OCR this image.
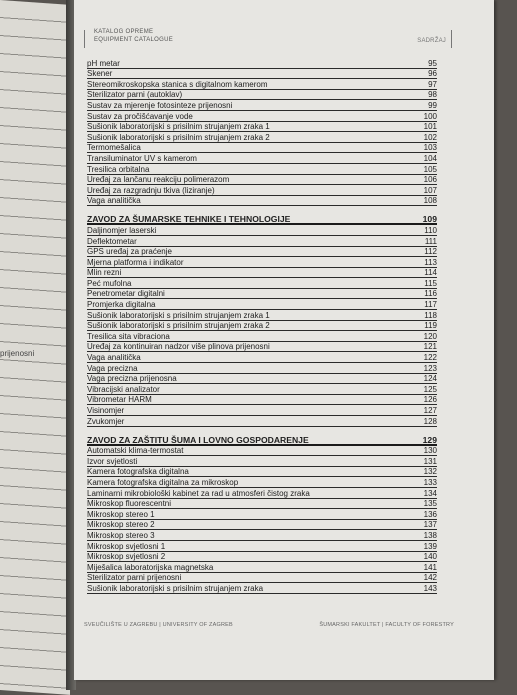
prijenosni
KATALOG OPREME
EQUIPMENT CATALOGUE	SADRŽAJ
pH metar	95
Skener	96
Stereomikroskopska stanica s digitalnom kamerom	97
Sterilizator parni (autoklav)	98
Sustav za mjerenje fotosinteze prijenosni	99
Sustav za pročišćavanje vode	100
Sušionik laboratorijski s prisilnim strujanjem zraka 1	101
Sušionik laboratorijski s prisilnim strujanjem zraka 2	102
Termomešalica	103
Transiluminator UV s kamerom	104
Tresilica orbitalna	105
Uređaj za lančanu reakciju polimerazom	106
Uređaj za razgradnju tkiva (liziranje)	107
Vaga analitička	108
ZAVOD ZA ŠUMARSKE TEHNIKE I TEHNOLOGIJE	109
Daljinomjer laserski	110
Deflektometar	111
GPS uređaj za praćenje	112
Mjerna platforma i indikator	113
Mlin rezni	114
Peć mufolna	115
Penetrometar digitalni	116
Promjerka digitalna	117
Sušionik laboratorijski s prisilnim strujanjem zraka 1	118
Sušionik laboratorijski s prisilnim strujanjem zraka 2	119
Tresilica sita vibraciona	120
Uređaj za kontinuiran nadzor više plinova prijenosni	121
Vaga analitička	122
Vaga precizna	123
Vaga precizna prijenosna	124
Vibracijski analizator	125
Vibrometar HARM	126
Visinomjer	127
Zvukomjer	128
ZAVOD ZA ZAŠTITU ŠUMA I LOVNO GOSPODARENJE	129
Automatski klima-termostat	130
Izvor svjetlosti	131
Kamera fotografska digitalna	132
Kamera fotografska digitalna za mikroskop	133
Laminarni mikrobiološki kabinet za rad u atmosferi čistog zraka	134
Mikroskop fluorescentni	135
Mikroskop stereo 1	136
Mikroskop stereo 2	137
Mikroskop stereo 3	138
Mikroskop svjetlosni 1	139
Mikroskop svjetlosni 2	140
Miješalica laboratorijska magnetska	141
Sterilizator parni prijenosni	142
Sušionik laboratorijski s prisilnim strujanjem zraka	143
SVEUČILIŠTE U ZAGREBU | UNIVERSITY OF ZAGREB	ŠUMARSKI FAKULTET | FACULTY OF FORESTRY
